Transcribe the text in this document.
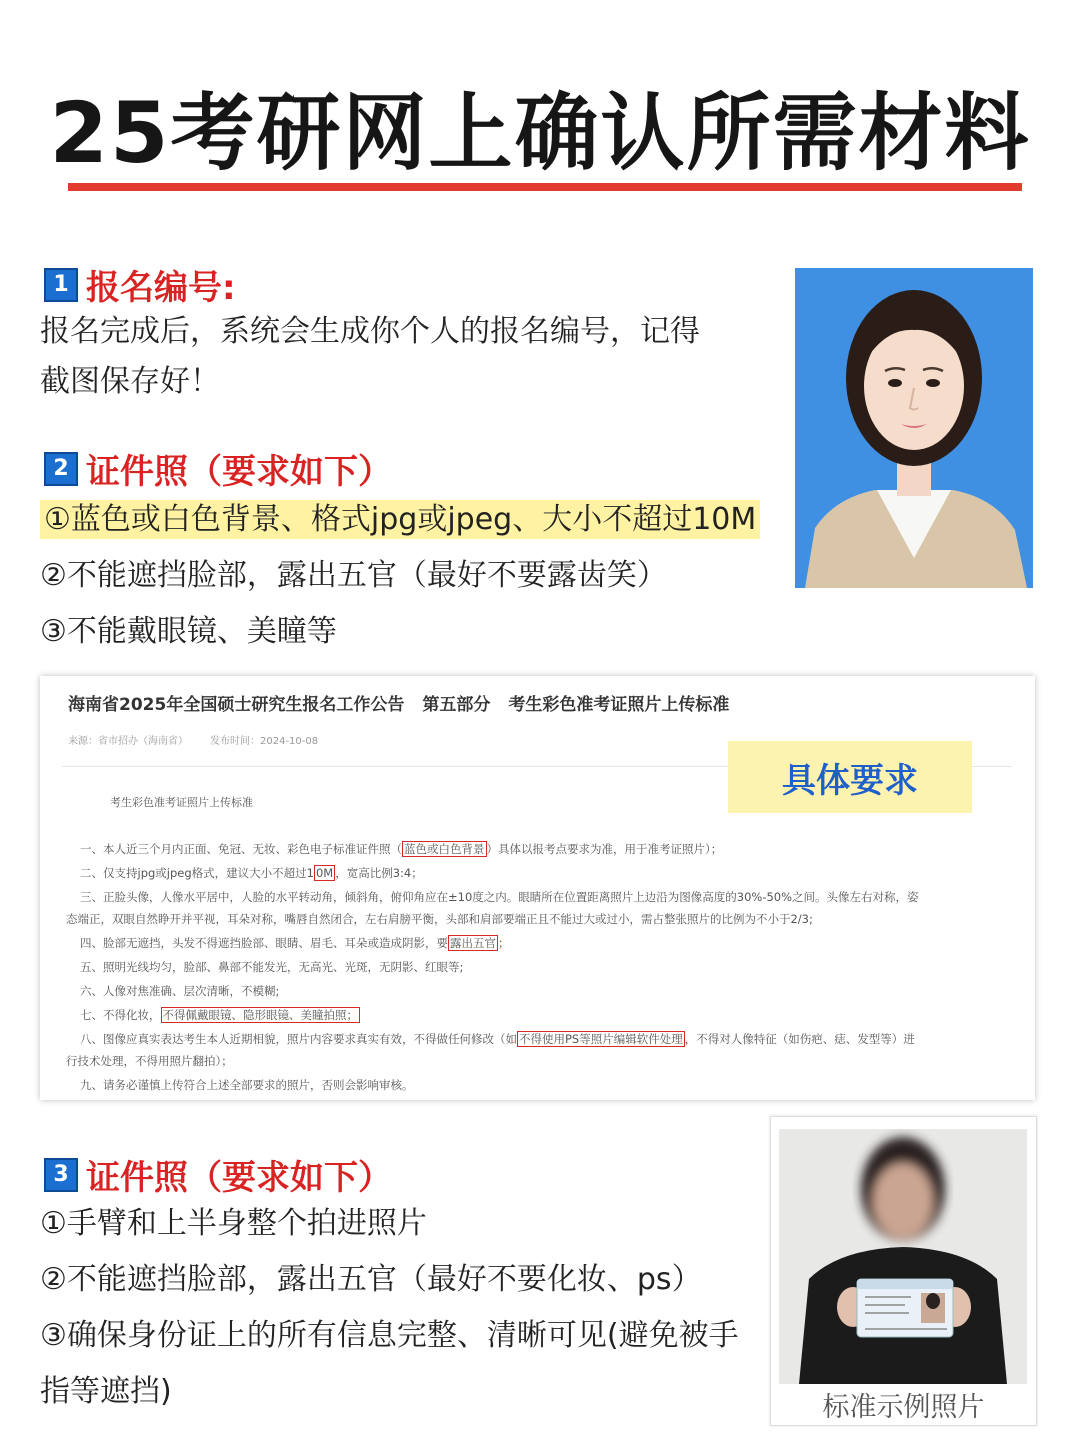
25考研网上确认所需材料
1 报名编号:
报名完成后，系统会生成你个人的报名编号，记得
截图保存好！
2 证件照（要求如下）
①蓝色或白色背景、格式jpg或jpeg、大小不超过10M
②不能遮挡脸部，露出五官（最好不要露齿笑）
③不能戴眼镜、美瞳等
海南省2025年全国硕士研究生报名工作公告 第五部分 考生彩色准考证照片上传标准
来源：省市招办（海南省） 发布时间：2024-10-08
考生彩色准考证照片上传标准
具体要求
一、本人近三个月内正面、免冠、无妆、彩色电子标准证件照（ 蓝色或白色背景 ）具体以报考点要求为准，用于准考证照片）；
二、仅支持jpg或jpeg格式，建议大小不超过1 0M ，宽高比例3:4；
三、正脸头像，人像水平居中，人脸的水平转动角，倾斜角，俯仰角应在±10度之内。眼睛所在位置距离照片上边沿为图像高度的30%-50%之间。头像左右对称，姿
态端正，双眼自然睁开并平视，耳朵对称，嘴唇自然闭合，左右肩膀平衡，头部和肩部要端正且不能过大或过小，需占整张照片的比例为不小于2/3;
四、脸部无遮挡，头发不得遮挡脸部、眼睛、眉毛、耳朵或造成阴影，要 露出五官 ；
五、照明光线均匀，脸部、鼻部不能发光，无高光、光斑，无阴影、红眼等;
六、人像对焦准确、层次清晰，不模糊;
七、不得化妆， 不得佩戴眼镜、隐形眼镜、美瞳拍照；
八、图像应真实表达考生本人近期相貌，照片内容要求真实有效，不得做任何修改（如 不得使用PS等照片编辑软件处理 ，不得对人像特征（如伤疤、痣、发型等）进
行技术处理，不得用照片翻拍）；
九、请务必谨慎上传符合上述全部要求的照片，否则会影响审核。
3 证件照（要求如下）
①手臂和上半身整个拍进照片
②不能遮挡脸部，露出五官（最好不要化妆、ps）
③确保身份证上的所有信息完整、清晰可见(避免被手
指等遮挡)	标准示例照片
